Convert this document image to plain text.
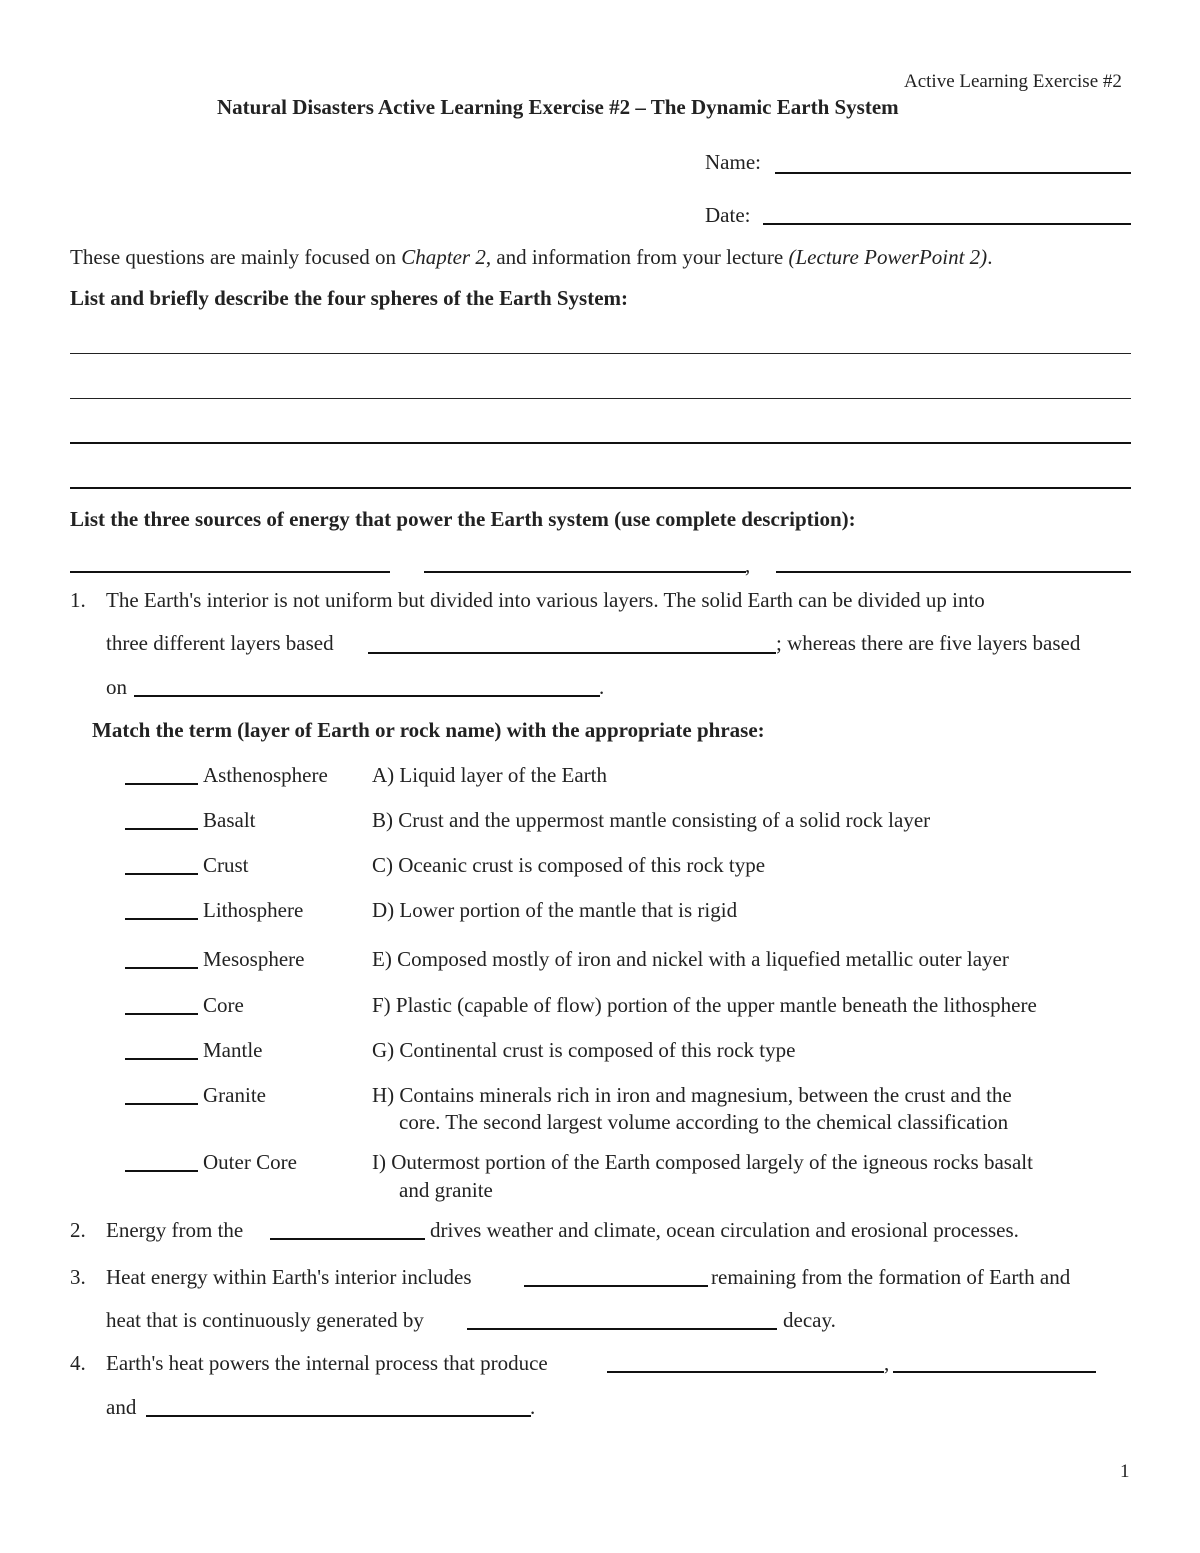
Active Learning Exercise #2
Natural Disasters Active Learning Exercise #2 – The Dynamic Earth System
Name:
Date:
These questions are mainly focused on Chapter 2, and information from your lecture (Lecture PowerPoint 2).
List and briefly describe the four spheres of the Earth System:
List the three sources of energy that power the Earth system (use complete description):
,
1. The Earth's interior is not uniform but divided into various layers. The solid Earth can be divided up into
three different layers based	; whereas there are five layers based
on	.
Match the term (layer of Earth or rock name) with the appropriate phrase:
Asthenosphere A) Liquid layer of the Earth
Basalt	B) Crust and the uppermost mantle consisting of a solid rock layer
Crust	C) Oceanic crust is composed of this rock type
Lithosphere	D) Lower portion of the mantle that is rigid
Mesosphere	E) Composed mostly of iron and nickel with a liquefied metallic outer layer
Core	F) Plastic (capable of flow) portion of the upper mantle beneath the lithosphere
Mantle	G) Continental crust is composed of this rock type
Granite	H) Contains minerals rich in iron and magnesium, between the crust and the
core. The second largest volume according to the chemical classification
Outer Core	I) Outermost portion of the Earth composed largely of the igneous rocks basalt
and granite
2. Energy from the	drives weather and climate, ocean circulation and erosional processes.
3. Heat energy within Earth's interior includes	remaining from the formation of Earth and
heat that is continuously generated by	decay.
4. Earth's heat powers the internal process that produce	,
and	.
1
